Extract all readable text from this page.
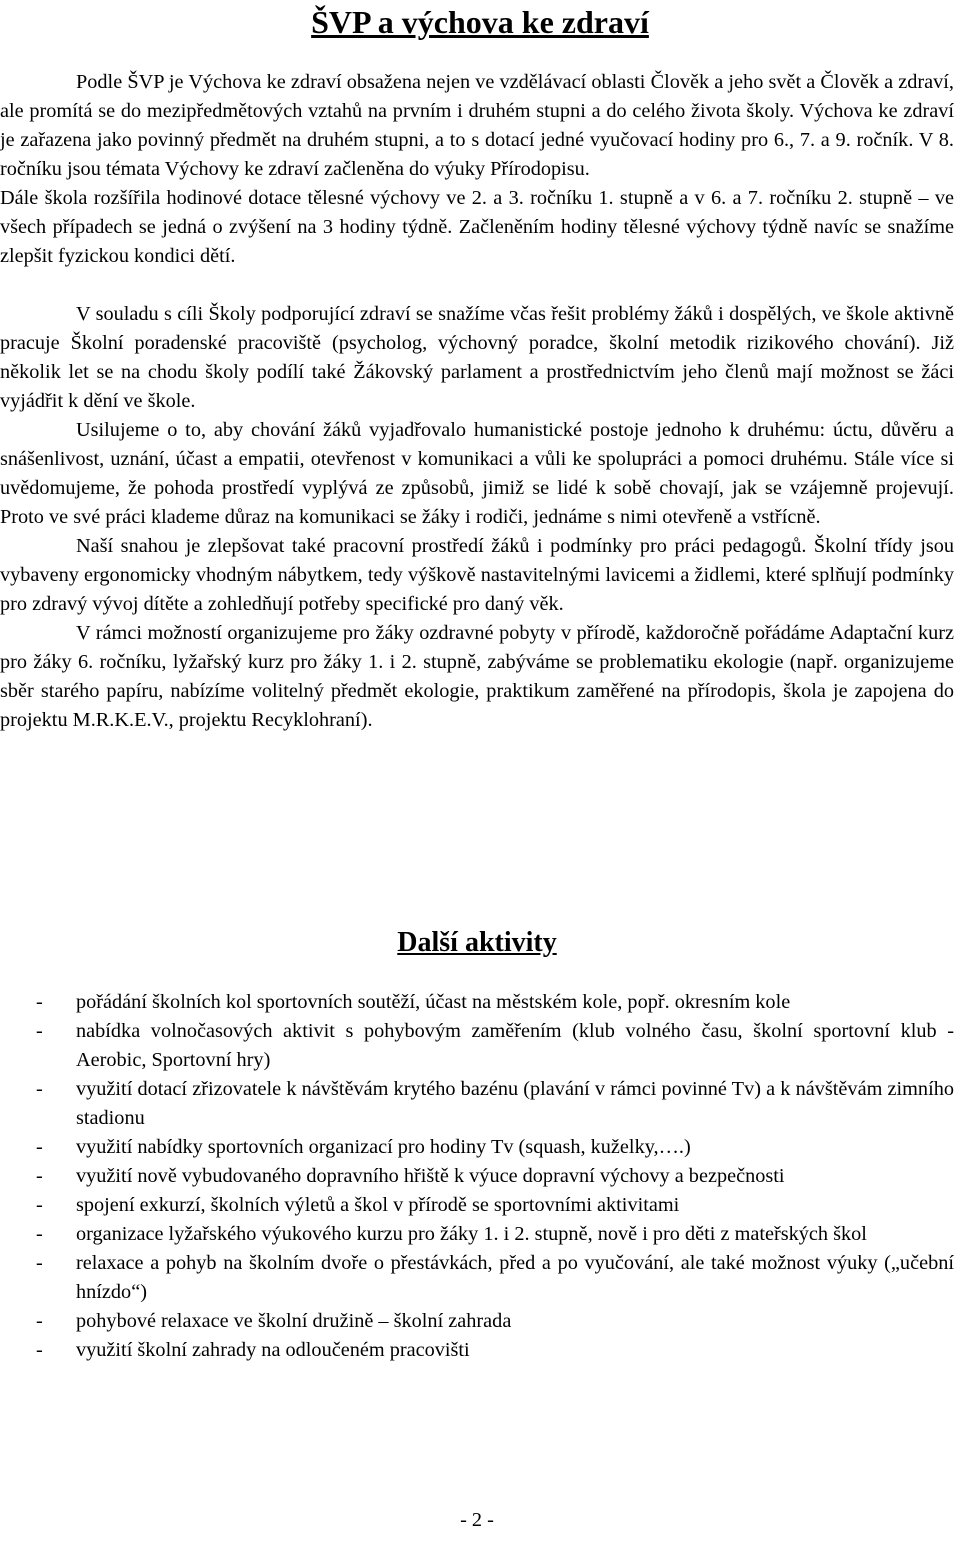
ŠVP a výchova ke zdraví

Podle ŠVP je Výchova ke zdraví obsažena nejen ve vzdělávací oblasti Člověk a jeho svět a Člověk a zdraví, ale promítá se do mezipředmětových vztahů na prvním i druhém stupni a do celého života školy. Výchova ke zdraví je zařazena jako povinný předmět na druhém stupni, a to s dotací jedné vyučovací hodiny pro 6., 7. a 9. ročník. V 8. ročníku jsou témata Výchovy ke zdraví začleněna do výuky Přírodopisu.

Dále škola rozšířila hodinové dotace tělesné výchovy ve 2. a 3. ročníku 1. stupně a v 6. a 7. ročníku 2. stupně – ve všech případech se jedná o zvýšení na 3 hodiny týdně. Začleněním hodiny tělesné výchovy týdně navíc se snažíme zlepšit fyzickou kondici dětí.

V souladu s cíli Školy podporující zdraví se snažíme včas řešit problémy žáků i dospělých, ve škole aktivně pracuje Školní poradenské pracoviště (psycholog, výchovný poradce, školní metodik rizikového chování). Již několik let se na chodu školy podílí také Žákovský parlament a prostřednictvím jeho členů mají možnost se žáci vyjádřit k dění ve škole.

Usilujeme o to, aby chování žáků vyjadřovalo humanistické postoje jednoho k druhému: úctu, důvěru a snášenlivost, uznání, účast a empatii, otevřenost v komunikaci a vůli ke spolupráci a pomoci druhému. Stále více si uvědomujeme, že pohoda prostředí vyplývá ze způsobů, jimiž se lidé k sobě chovají, jak se vzájemně projevují. Proto ve své práci klademe důraz na komunikaci se žáky i rodiči, jednáme s nimi otevřeně a vstřícně.

Naší snahou je zlepšovat také pracovní prostředí žáků i podmínky pro práci pedagogů. Školní třídy jsou vybaveny ergonomicky vhodným nábytkem, tedy výškově nastavitelnými lavicemi a židlemi, které splňují podmínky pro zdravý vývoj dítěte a zohledňují potřeby specifické pro daný věk.

V rámci možností organizujeme pro žáky ozdravné pobyty v přírodě, každoročně pořádáme Adaptační kurz pro žáky 6. ročníku, lyžařský kurz pro žáky 1. i 2. stupně, zabýváme se problematiku ekologie (např. organizujeme sběr starého papíru, nabízíme volitelný předmět ekologie, praktikum zaměřené na přírodopis, škola je zapojena do projektu M.R.K.E.V., projektu Recyklohraní).

Další aktivity
- pořádání školních kol sportovních soutěží, účast na městském kole, popř. okresním kole
- nabídka volnočasových aktivit s pohybovým zaměřením (klub volného času, školní sportovní klub - Aerobic, Sportovní hry)
- využití dotací zřizovatele k návštěvám krytého bazénu (plavání v rámci povinné Tv) a k návštěvám zimního stadionu
- využití nabídky sportovních organizací pro hodiny Tv (squash, kuželky,….)
- využití nově vybudovaného dopravního hřiště k výuce dopravní výchovy a bezpečnosti
- spojení exkurzí, školních výletů a škol v přírodě se sportovními aktivitami
- organizace lyžařského výukového kurzu pro žáky 1. i 2. stupně, nově i pro děti z mateřských škol
- relaxace a pohyb na školním dvoře o přestávkách, před a po vyučování, ale také možnost výuky („učební hnízdo“)
- pohybové relaxace ve školní družině – školní zahrada
- využití školní zahrady na odloučeném pracovišti
- 2 -
